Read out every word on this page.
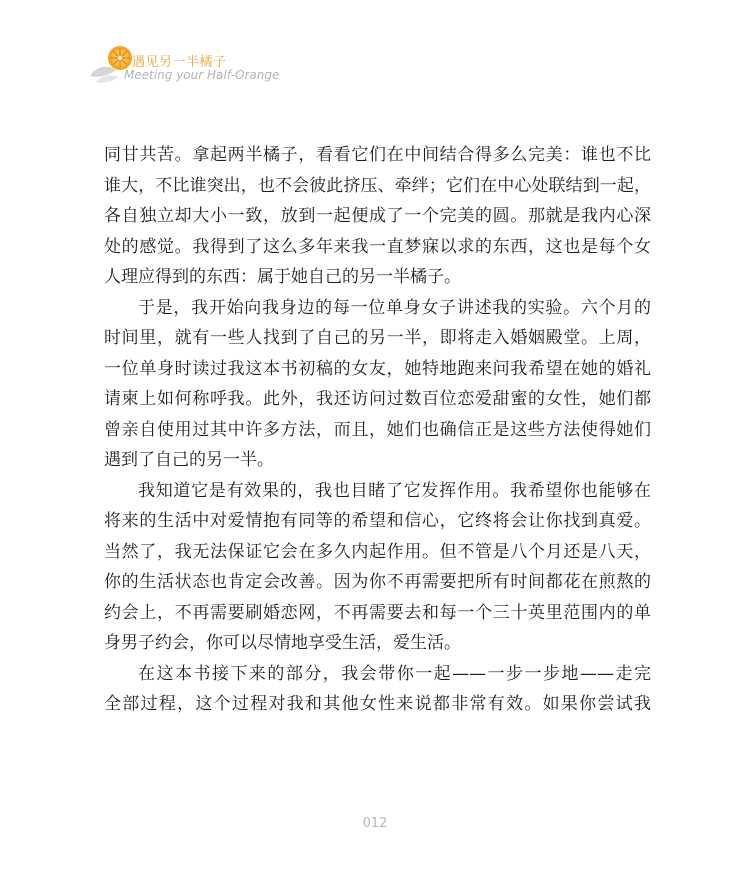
遇见另一半橘子
Meeting your Half-Orange
同甘共苦。拿起两半橘子，看看它们在中间结合得多么完美：谁也不比
谁大，不比谁突出，也不会彼此挤压、牵绊；它们在中心处联结到一起，
各自独立却大小一致，放到一起便成了一个完美的圆。那就是我内心深
处的感觉。我得到了这么多年来我一直梦寐以求的东西，这也是每个女
人理应得到的东西：属于她自己的另一半橘子。
于是，我开始向我身边的每一位单身女子讲述我的实验。六个月的
时间里，就有一些人找到了自己的另一半，即将走入婚姻殿堂。上周，
一位单身时读过我这本书初稿的女友，她特地跑来问我希望在她的婚礼
请柬上如何称呼我。此外，我还访问过数百位恋爱甜蜜的女性，她们都
曾亲自使用过其中许多方法，而且，她们也确信正是这些方法使得她们
遇到了自己的另一半。
我知道它是有效果的，我也目睹了它发挥作用。我希望你也能够在
将来的生活中对爱情抱有同等的希望和信心，它终将会让你找到真爱。
当然了，我无法保证它会在多久内起作用。但不管是八个月还是八天，
你的生活状态也肯定会改善。因为你不再需要把所有时间都花在煎熬的
约会上，不再需要刷婚恋网，不再需要去和每一个三十英里范围内的单
身男子约会，你可以尽情地享受生活，爱生活。
在这本书接下来的部分，我会带你一起——一步一步地——走完
全部过程，这个过程对我和其他女性来说都非常有效。如果你尝试我
012
